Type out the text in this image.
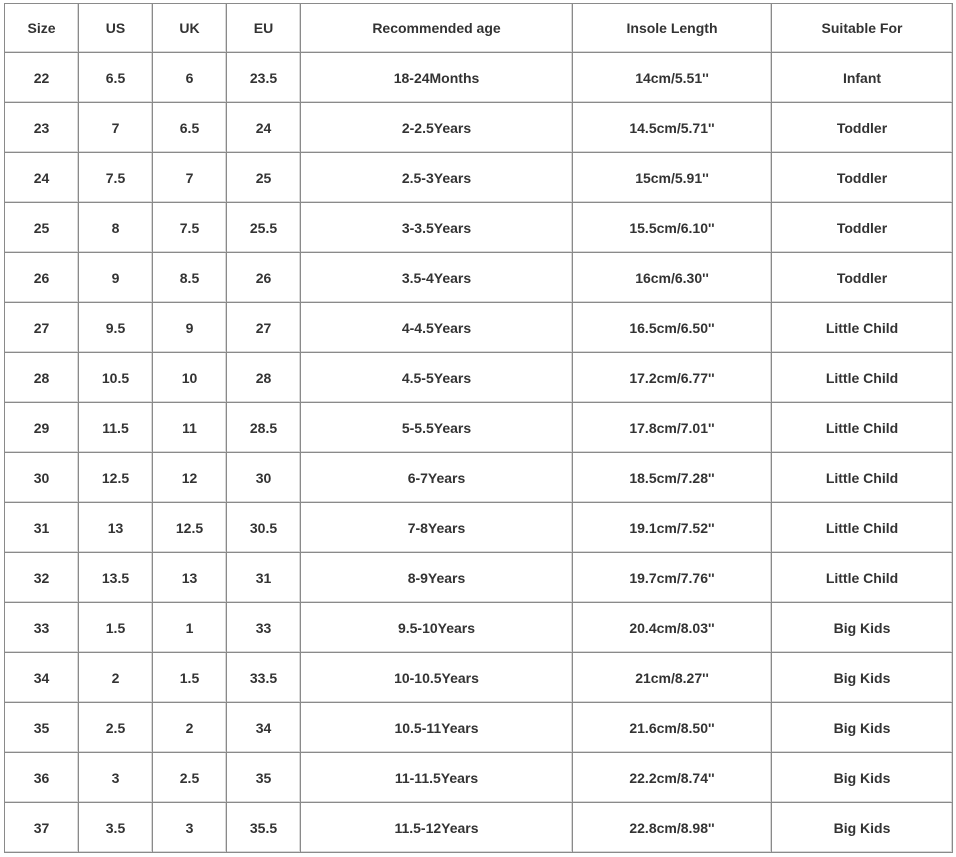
Size	US	UK	EU	Recommended age	Insole Length	Suitable For
22	6.5	6	23.5	18-24Months	14cm/5.51''	Infant
23	7	6.5	24	2-2.5Years	14.5cm/5.71''	Toddler
24	7.5	7	25	2.5-3Years	15cm/5.91''	Toddler
25	8	7.5	25.5	3-3.5Years	15.5cm/6.10''	Toddler
26	9	8.5	26	3.5-4Years	16cm/6.30''	Toddler
27	9.5	9	27	4-4.5Years	16.5cm/6.50''	Little Child
28	10.5	10	28	4.5-5Years	17.2cm/6.77''	Little Child
29	11.5	11	28.5	5-5.5Years	17.8cm/7.01''	Little Child
30	12.5	12	30	6-7Years	18.5cm/7.28''	Little Child
31	13	12.5	30.5	7-8Years	19.1cm/7.52''	Little Child
32	13.5	13	31	8-9Years	19.7cm/7.76''	Little Child
33	1.5	1	33	9.5-10Years	20.4cm/8.03''	Big Kids
34	2	1.5	33.5	10-10.5Years	21cm/8.27''	Big Kids
35	2.5	2	34	10.5-11Years	21.6cm/8.50''	Big Kids
36	3	2.5	35	11-11.5Years	22.2cm/8.74''	Big Kids
37	3.5	3	35.5	11.5-12Years	22.8cm/8.98''	Big Kids
